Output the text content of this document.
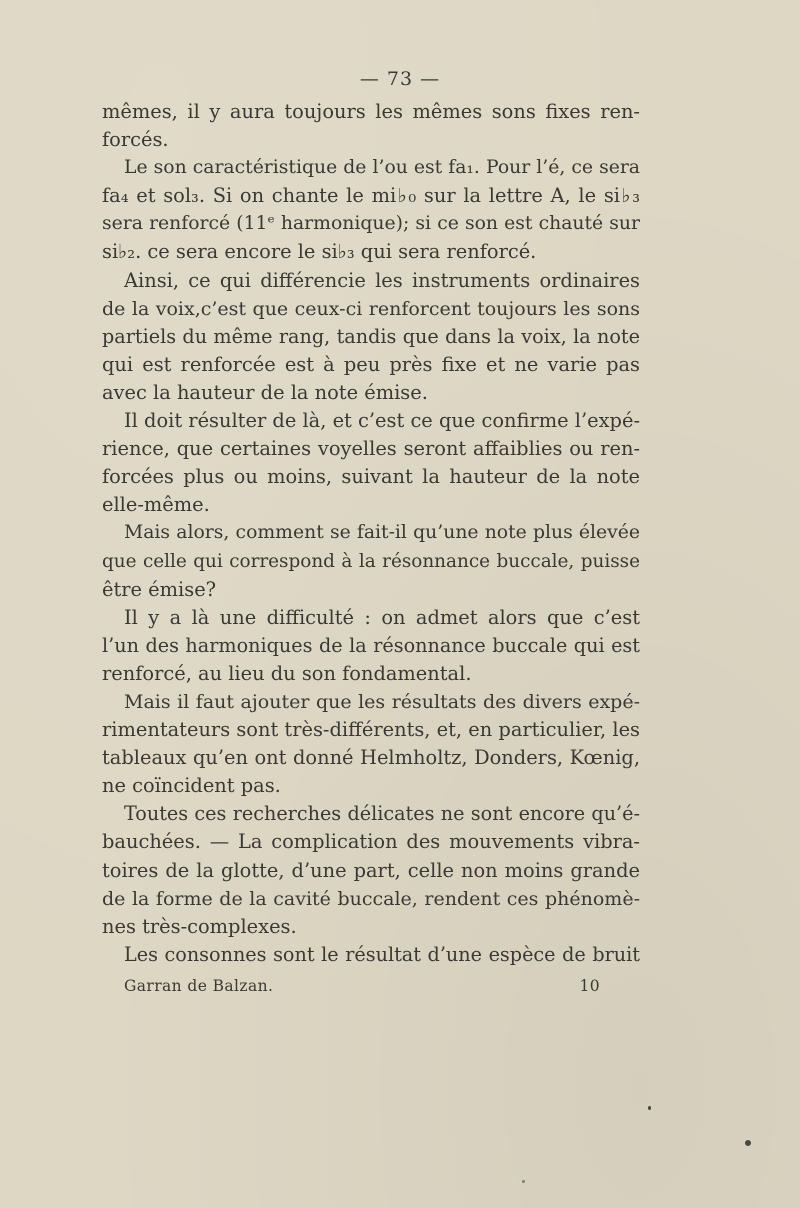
— 73 —
mêmes, il y aura toujours les mêmes sons fixes ren-
forcés.
Le son caractéristique de l’ou est fa₁. Pour l’é, ce sera
fa₄ et sol₃. Si on chante le mi♭₀ sur la lettre A, le si♭₃
sera renforcé (11ᵉ harmonique); si ce son est chauté sur
si♭₂. ce sera encore le si♭₃ qui sera renforcé.
Ainsi, ce qui différencie les instruments ordinaires
de la voix,c’est que ceux-ci renforcent toujours les sons
partiels du même rang, tandis que dans la voix, la note
qui est renforcée est à peu près fixe et ne varie pas
avec la hauteur de la note émise.
Il doit résulter de là, et c’est ce que confirme l’expé-
rience, que certaines voyelles seront affaiblies ou ren-
forcées plus ou moins, suivant la hauteur de la note
elle-même.
Mais alors, comment se fait-il qu’une note plus élevée
que celle qui correspond à la résonnance buccale, puisse
être émise?
Il y a là une difficulté : on admet alors que c’est
l’un des harmoniques de la résonnance buccale qui est
renforcé, au lieu du son fondamental.
Mais il faut ajouter que les résultats des divers expé-
rimentateurs sont très-différents, et, en particulier, les
tableaux qu’en ont donné Helmholtz, Donders, Kœnig,
ne coïncident pas.
Toutes ces recherches délicates ne sont encore qu’é-
bauchées. — La complication des mouvements vibra-
toires de la glotte, d’une part, celle non moins grande
de la forme de la cavité buccale, rendent ces phénomè-
nes très-complexes.
Les consonnes sont le résultat d’une espèce de bruit
Garran de Balzan.	10
